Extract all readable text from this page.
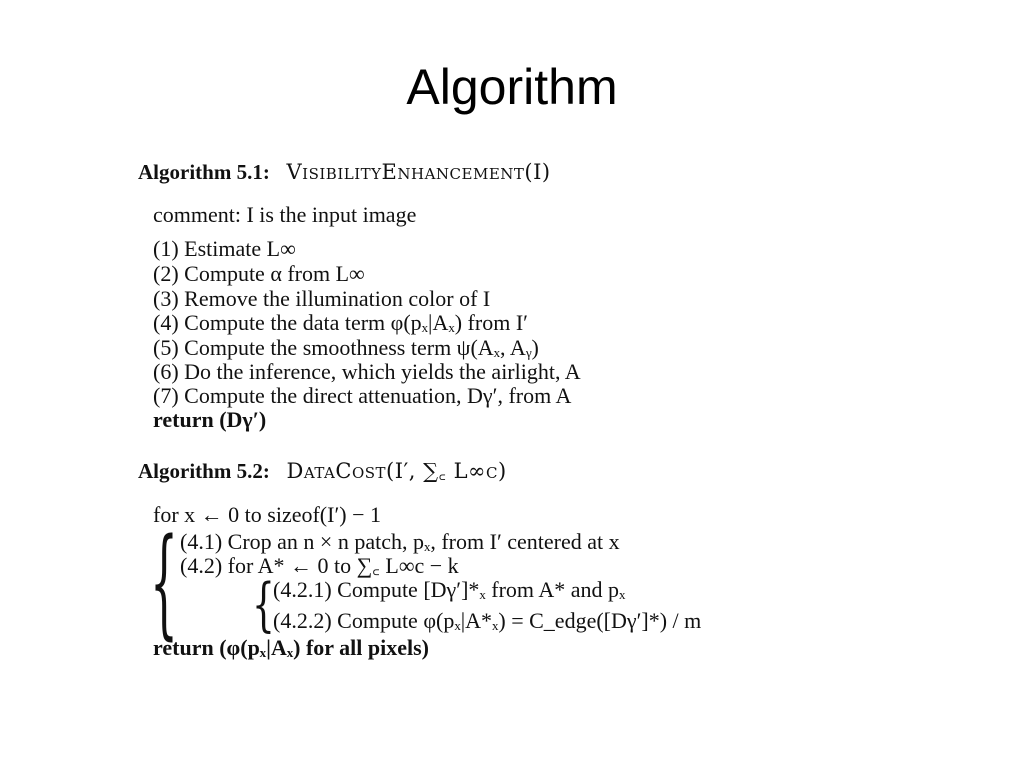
Algorithm
Algorithm 5.1: VisibilityEnhancement(I)
comment: I is the input image
(1) Estimate L∞
(2) Compute α from L∞
(3) Remove the illumination color of I
(4) Compute the data term φ(pₓ|Aₓ) from I′
(5) Compute the smoothness term ψ(Aₓ, Aᵧ)
(6) Do the inference, which yields the airlight, A
(7) Compute the direct attenuation, Dγ′, from A
return (Dγ′)
Algorithm 5.2: DataCost(I′, ∑꜀ L∞c)
for x ← 0 to sizeof(I′) − 1
{ (4.1) Crop an n × n patch, pₓ, from I′ centered at x
(4.2) for A* ← 0 to ∑꜀ L∞c − k
{
(4.2.1) Compute [Dγ′]*ₓ from A* and pₓ
(4.2.2) Compute φ(pₓ|A*ₓ) = C_edge([Dγ′]*) / m
return (φ(pₓ|Aₓ) for all pixels)
